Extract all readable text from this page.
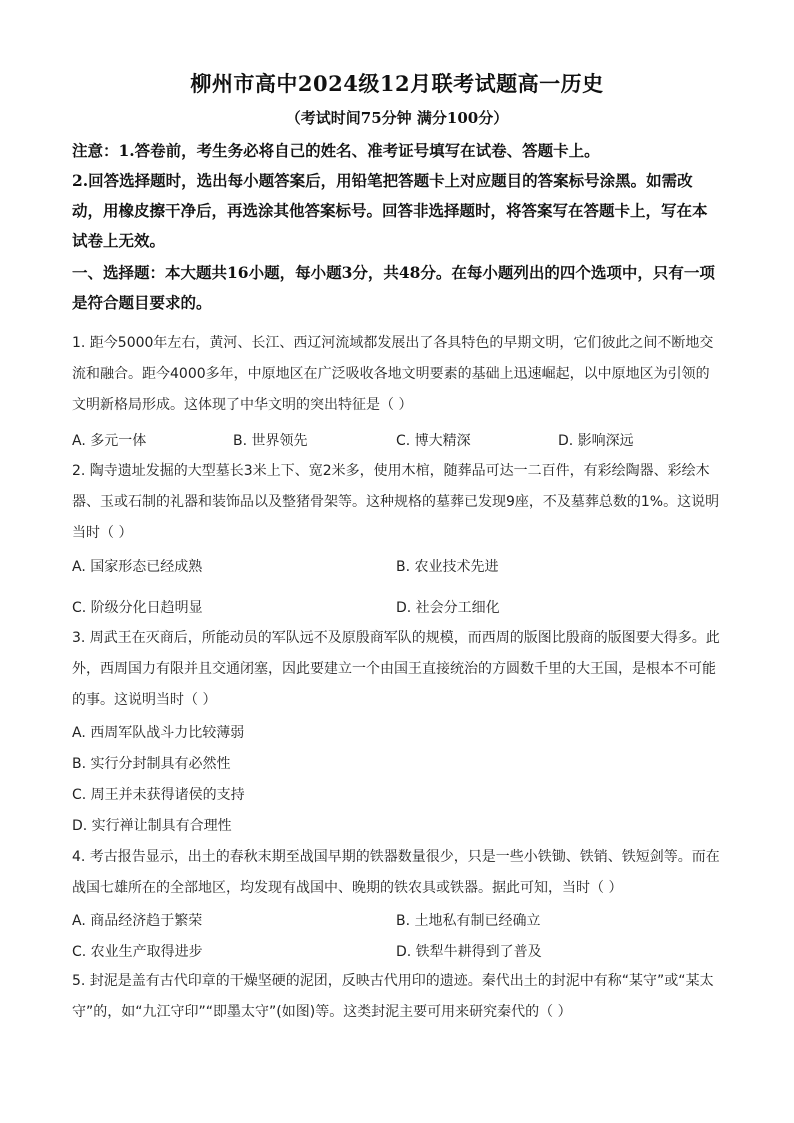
柳州市高中2024级12月联考试题高一历史
（考试时间75分钟 满分100分）
注意：1.答卷前，考生务必将自己的姓名、准考证号填写在试卷、答题卡上。
2.回答选择题时，选出每小题答案后，用铅笔把答题卡上对应题目的答案标号涂黑。如需改动，用橡皮擦干净后，再选涂其他答案标号。回答非选择题时，将答案写在答题卡上，写在本试卷上无效。
一、选择题：本大题共16小题，每小题3分，共48分。在每小题列出的四个选项中，只有一项是符合题目要求的。
1. 距今5000年左右，黄河、长江、西辽河流域都发展出了各具特色的早期文明，它们彼此之间不断地交流和融合。距今4000多年，中原地区在广泛吸收各地文明要素的基础上迅速崛起，以中原地区为引领的文明新格局形成。这体现了中华文明的突出特征是（ ）
A. 多元一体	B. 世界领先	C. 博大精深	D. 影响深远
2. 陶寺遗址发掘的大型墓长3米上下、宽2米多，使用木棺，随葬品可达一二百件，有彩绘陶器、彩绘木器、玉或石制的礼器和装饰品以及整猪骨架等。这种规格的墓葬已发现9座，不及墓葬总数的1%。这说明当时（ ）
A. 国家形态已经成熟	B. 农业技术先进
C. 阶级分化日趋明显	D. 社会分工细化
3. 周武王在灭商后，所能动员的军队远不及原殷商军队的规模，而西周的版图比殷商的版图要大得多。此外，西周国力有限并且交通闭塞，因此要建立一个由国王直接统治的方圆数千里的大王国，是根本不可能的事。这说明当时（ ）
A. 西周军队战斗力比较薄弱
B. 实行分封制具有必然性
C. 周王并未获得诸侯的支持
D. 实行禅让制具有合理性
4. 考古报告显示，出土的春秋末期至战国早期的铁器数量很少，只是一些小铁锄、铁销、铁短剑等。而在战国七雄所在的全部地区，均发现有战国中、晚期的铁农具或铁器。据此可知，当时（ ）
A. 商品经济趋于繁荣	B. 土地私有制已经确立
C. 农业生产取得进步	D. 铁犁牛耕得到了普及
5. 封泥是盖有古代印章的干燥坚硬的泥团，反映古代用印的遗迹。秦代出土的封泥中有称“某守”或“某太守”的，如“九江守印”“即墨太守”(如图)等。这类封泥主要可用来研究秦代的（ ）
